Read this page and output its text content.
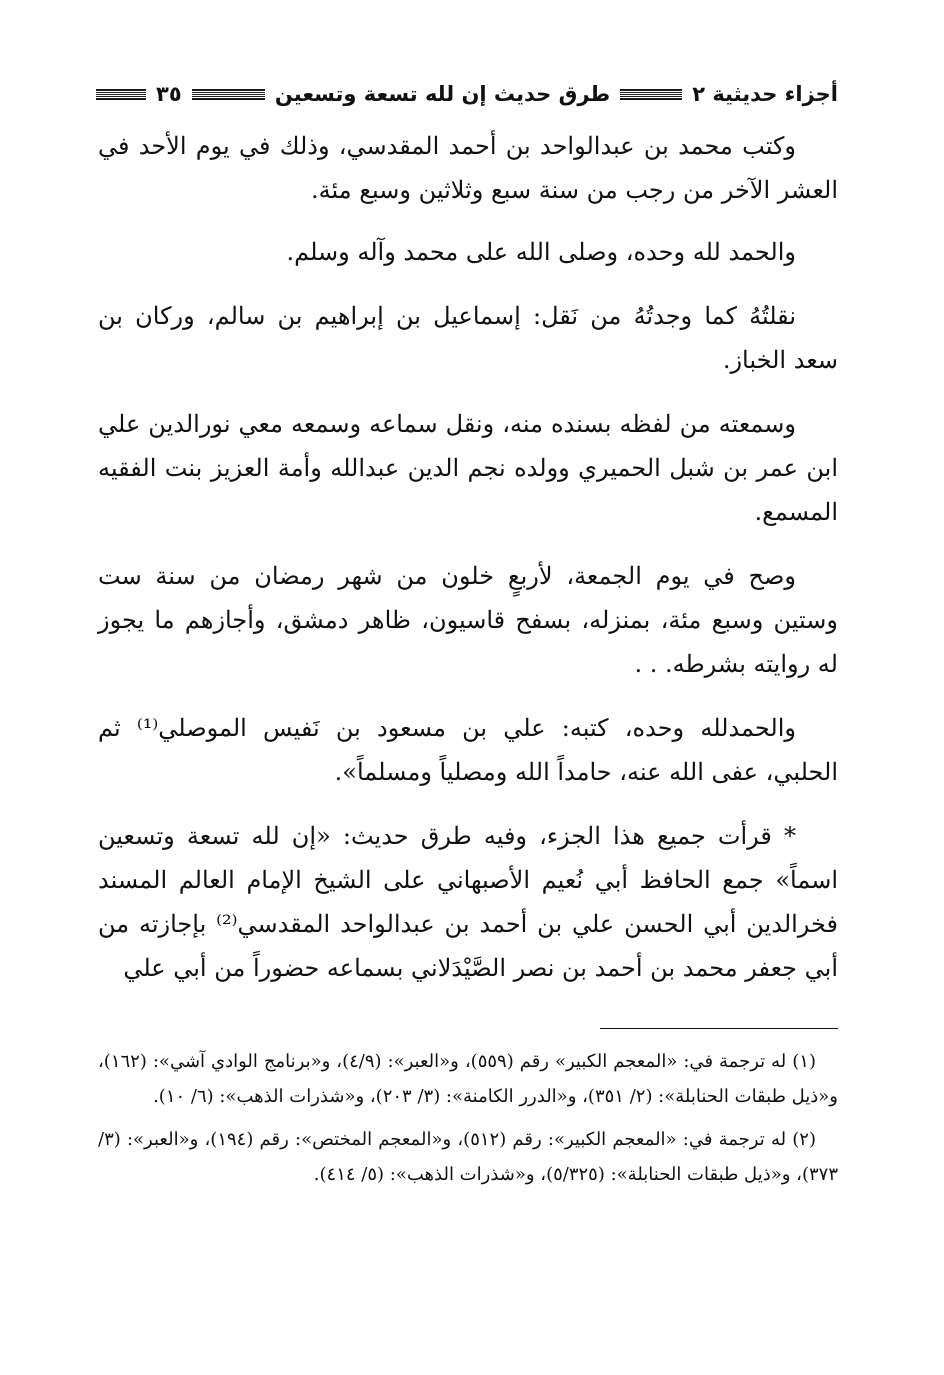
أجزاء حديثية ٢
طرق حديث إن لله تسعة وتسعين
٣٥

وكتب محمد بن عبدالواحد بن أحمد المقدسي، وذلك في يوم الأحد في العشر الآخر من رجب من سنة سبع وثلاثين وسبع مئة.

والحمد لله وحده، وصلى الله على محمد وآله وسلم.

نقلتُهُ كما وجدتُهُ من نَقل: إسماعيل بن إبراهيم بن سالم، وركان بن سعد الخباز.

وسمعته من لفظه بسنده منه، ونقل سماعه وسمعه معي نورالدين علي ابن عمر بن شبل الحميري وولده نجم الدين عبدالله وأمة العزيز بنت الفقيه المسمع.

وصح في يوم الجمعة، لأربعٍ خلون من شهر رمضان من سنة ست وستين وسبع مئة، بمنزله، بسفح قاسيون، ظاهر دمشق، وأجازهم ما يجوز له روايته بشرطه. . .

والحمدلله وحده، كتبه: علي بن مسعود بن نَفيس الموصلي⁽¹⁾ ثم الحلبي، عفى الله عنه، حامداً الله ومصلياً ومسلماً».

* قرأت جميع هذا الجزء، وفيه طرق حديث: «إن لله تسعة وتسعين اسماً» جمع الحافظ أبي نُعيم الأصبهاني على الشيخ الإمام العالم المسند فخرالدين أبي الحسن علي بن أحمد بن عبدالواحد المقدسي⁽²⁾ بإجازته من أبي جعفر محمد بن أحمد بن نصر الصَّيْدَلاني بسماعه حضوراً من أبي علي

(١) له ترجمة في: «المعجم الكبير» رقم (٥٥٩)، و«العبر»: (٤/٩)، و«برنامج الوادي آشي»: (١٦٢)، و«ذيل طبقات الحنابلة»: (٢/ ٣٥١)، و«الدرر الكامنة»: (٣/ ٢٠٣)، و«شذرات الذهب»: (٦/ ١٠).

(٢) له ترجمة في: «المعجم الكبير»: رقم (٥١٢)، و«المعجم المختص»: رقم (١٩٤)، و«العبر»: (٣/ ٣٧٣)، و«ذيل طبقات الحنابلة»: (٥/٣٢٥)، و«شذرات الذهب»: (٥/ ٤١٤).
